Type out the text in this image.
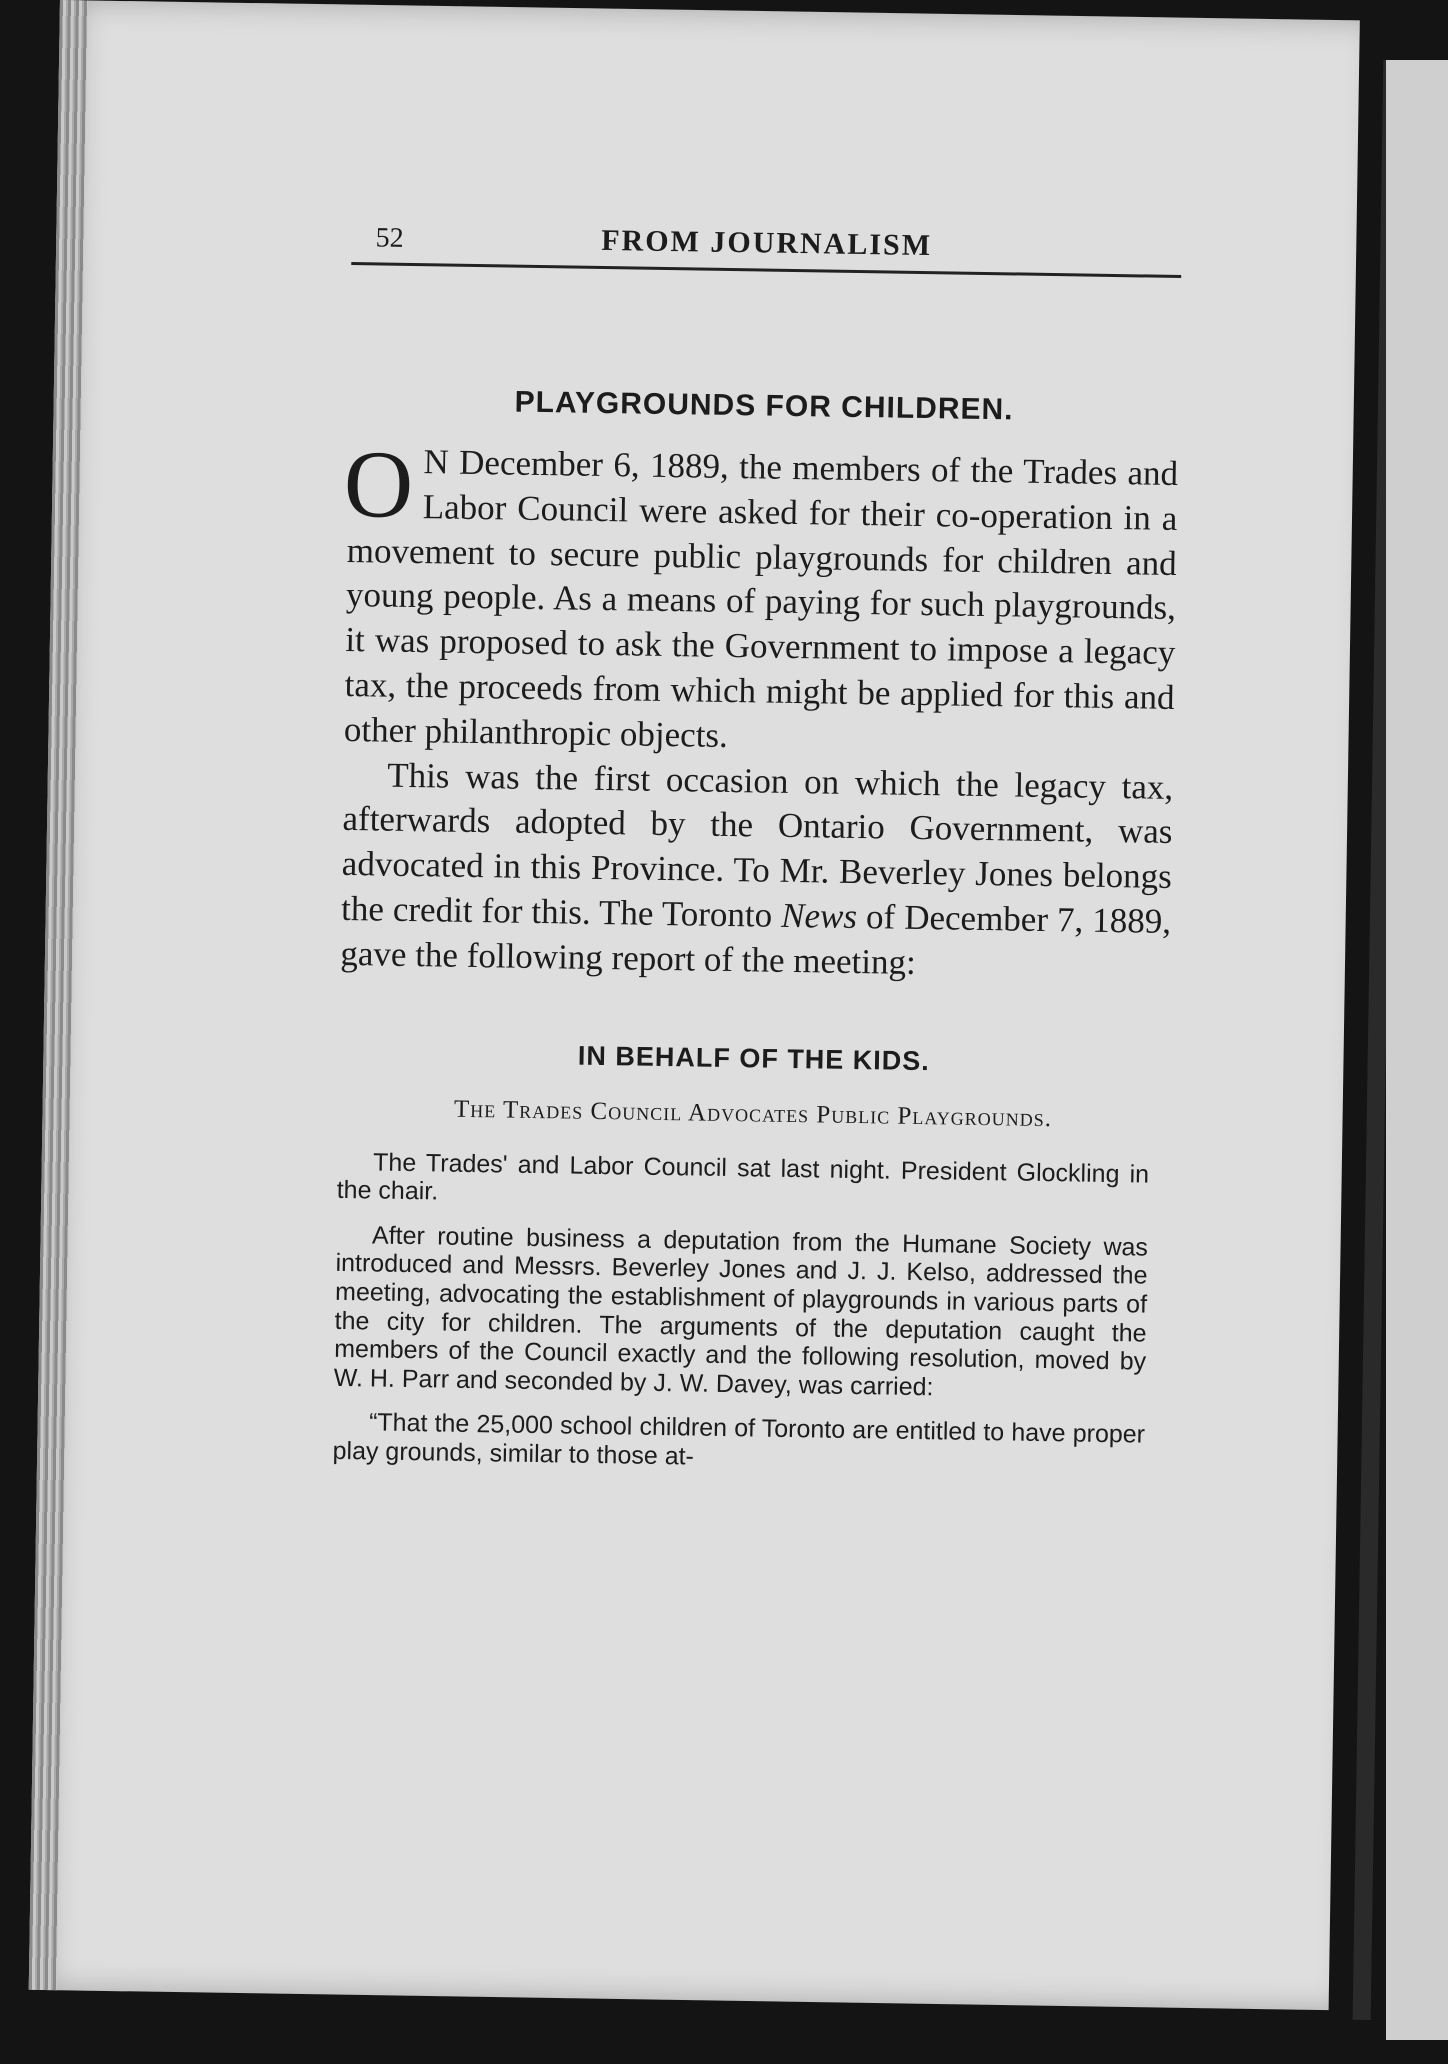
52	FROM JOURNALISM
PLAYGROUNDS FOR CHILDREN.

O N December 6, 1889, the members of the Trades and Labor Council were asked for their co-operation in a movement to secure public playgrounds for children and young people. As a means of paying for such playgrounds, it was proposed to ask the Government to impose a legacy tax, the proceeds from which might be applied for this and other philanthropic objects.

This was the first occasion on which the legacy tax, afterwards adopted by the Ontario Government, was advocated in this Province. To Mr. Beverley Jones belongs the credit for this. The Toronto News of December 7, 1889, gave the following report of the meeting:

IN BEHALF OF THE KIDS.
The Trades Council Advocates Public Playgrounds.

The Trades' and Labor Council sat last night. President Glockling in the chair.

After routine business a deputation from the Humane Society was introduced and Messrs. Beverley Jones and J. J. Kelso, addressed the meeting, advocating the establishment of playgrounds in various parts of the city for children. The arguments of the deputation caught the members of the Council exactly and the following resolution, moved by W. H. Parr and seconded by J. W. Davey, was carried:

“That the 25,000 school children of Toronto are entitled to have proper play grounds, similar to those at-
